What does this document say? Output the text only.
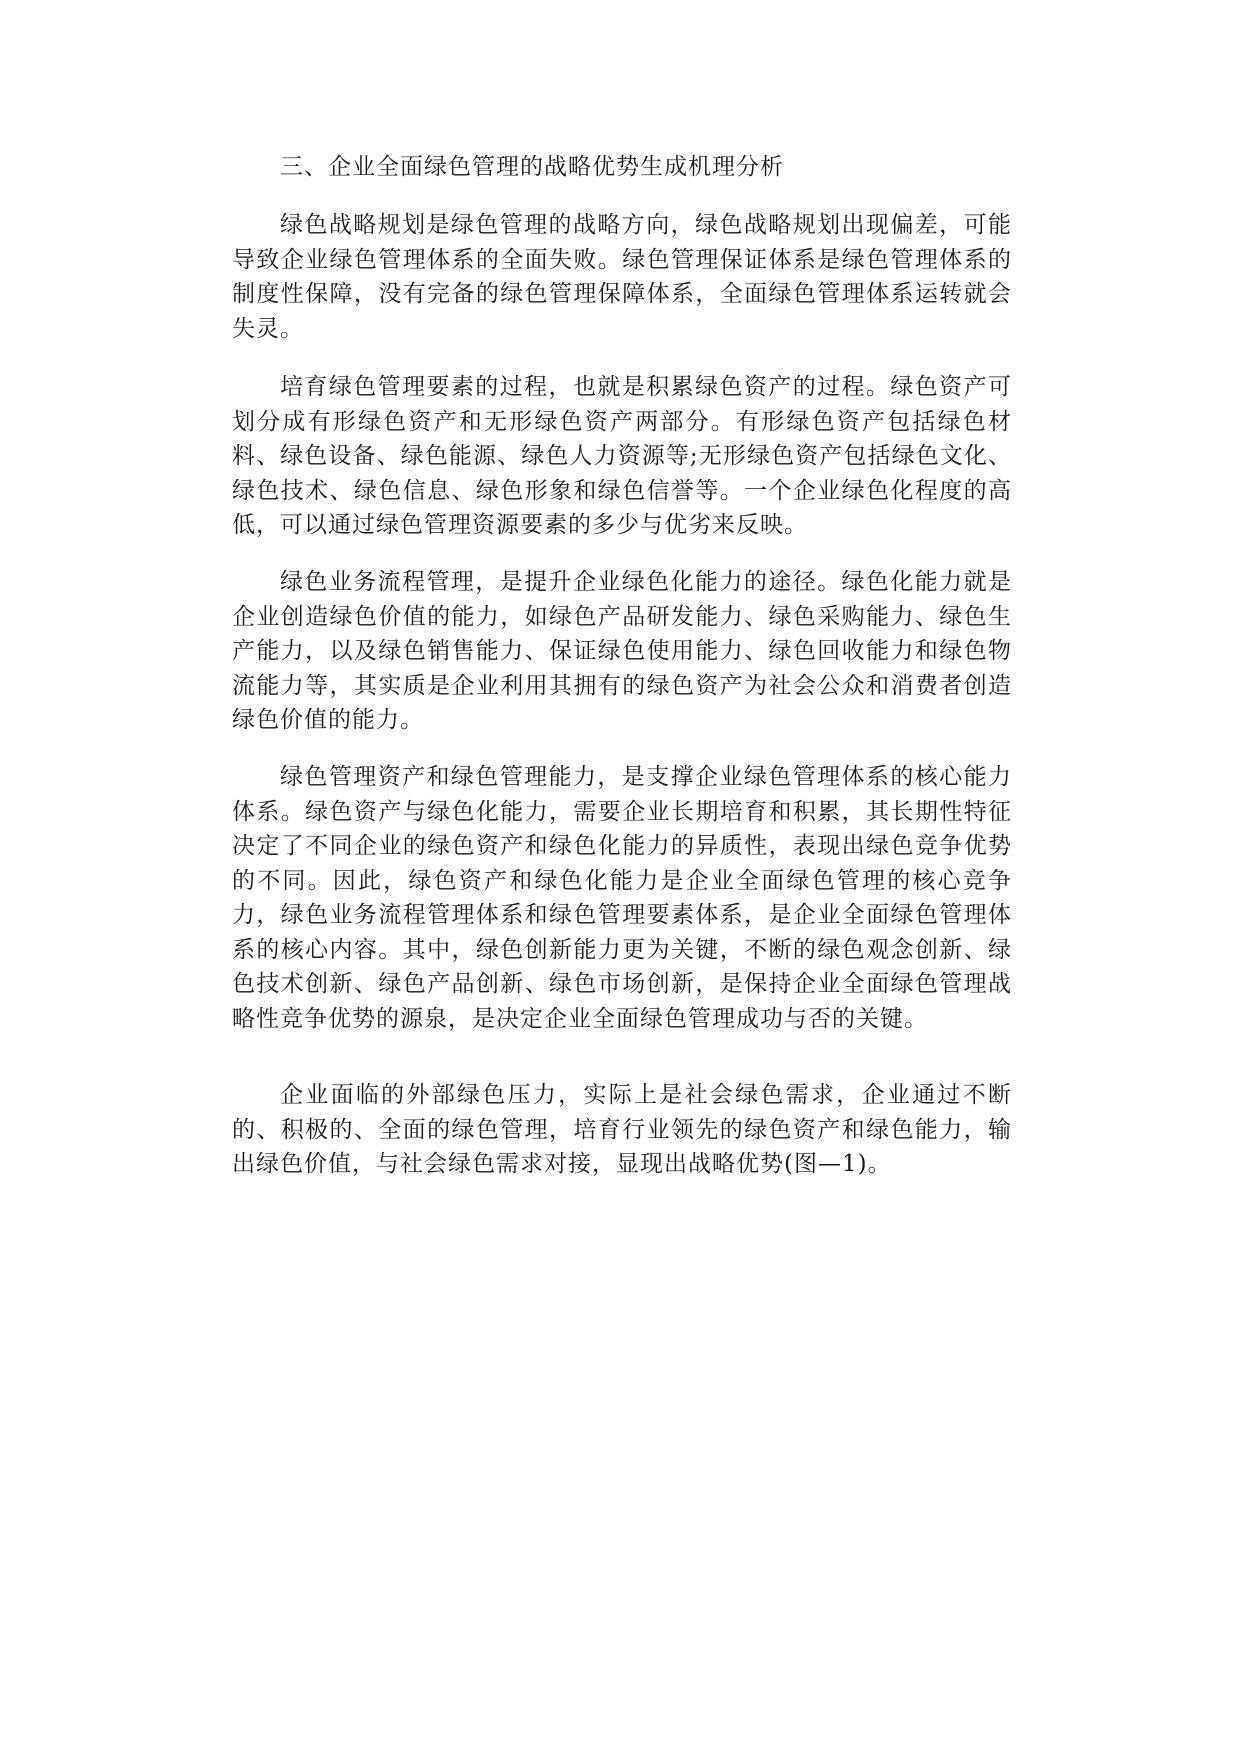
三、企业全面绿色管理的战略优势生成机理分析

绿色战略规划是绿色管理的战略方向，绿色战略规划出现偏差，可能导致企业绿色管理体系的全面失败。绿色管理保证体系是绿色管理体系的制度性保障，没有完备的绿色管理保障体系，全面绿色管理体系运转就会失灵。

培育绿色管理要素的过程，也就是积累绿色资产的过程。绿色资产可划分成有形绿色资产和无形绿色资产两部分。有形绿色资产包括绿色材料、绿色设备、绿色能源、绿色人力资源等;无形绿色资产包括绿色文化、绿色技术、绿色信息、绿色形象和绿色信誉等。一个企业绿色化程度的高低，可以通过绿色管理资源要素的多少与优劣来反映。

绿色业务流程管理，是提升企业绿色化能力的途径。绿色化能力就是企业创造绿色价值的能力，如绿色产品研发能力、绿色采购能力、绿色生产能力，以及绿色销售能力、保证绿色使用能力、绿色回收能力和绿色物流能力等，其实质是企业利用其拥有的绿色资产为社会公众和消费者创造绿色价值的能力。

绿色管理资产和绿色管理能力，是支撑企业绿色管理体系的核心能力体系。绿色资产与绿色化能力，需要企业长期培育和积累，其长期性特征决定了不同企业的绿色资产和绿色化能力的异质性，表现出绿色竞争优势的不同。因此，绿色资产和绿色化能力是企业全面绿色管理的核心竞争力，绿色业务流程管理体系和绿色管理要素体系，是企业全面绿色管理体系的核心内容。其中，绿色创新能力更为关键，不断的绿色观念创新、绿色技术创新、绿色产品创新、绿色市场创新，是保持企业全面绿色管理战略性竞争优势的源泉，是决定企业全面绿色管理成功与否的关键。

企业面临的外部绿色压力，实际上是社会绿色需求，企业通过不断的、积极的、全面的绿色管理，培育行业领先的绿色资产和绿色能力，输出绿色价值，与社会绿色需求对接，显现出战略优势(图—1)。
